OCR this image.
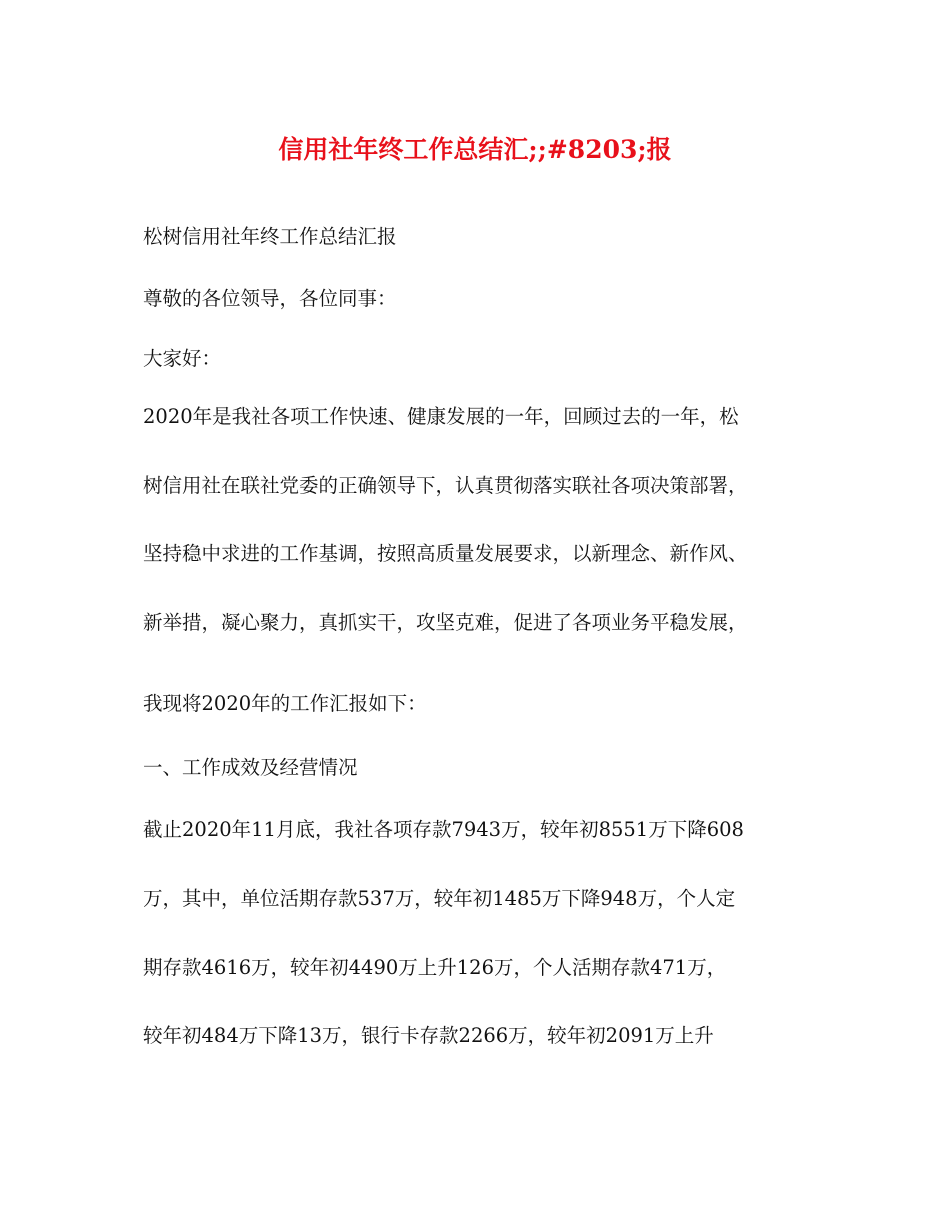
信用社年终工作总结汇;;#8203;报

松树信用社年终工作总结汇报

尊敬的各位领导，各位同事：

大家好：

2020年是我社各项工作快速、健康发展的一年，回顾过去的一年，松

树信用社在联社党委的正确领导下，认真贯彻落实联社各项决策部署，

坚持稳中求进的工作基调，按照高质量发展要求，以新理念、新作风、

新举措，凝心聚力，真抓实干，攻坚克难，促进了各项业务平稳发展，

我现将2020年的工作汇报如下：

一、工作成效及经营情况

截止2020年11月底，我社各项存款7943万，较年初8551万下降608

万，其中，单位活期存款537万，较年初1485万下降948万，个人定

期存款4616万，较年初4490万上升126万，个人活期存款471万，

较年初484万下降13万，银行卡存款2266万，较年初2091万上升
